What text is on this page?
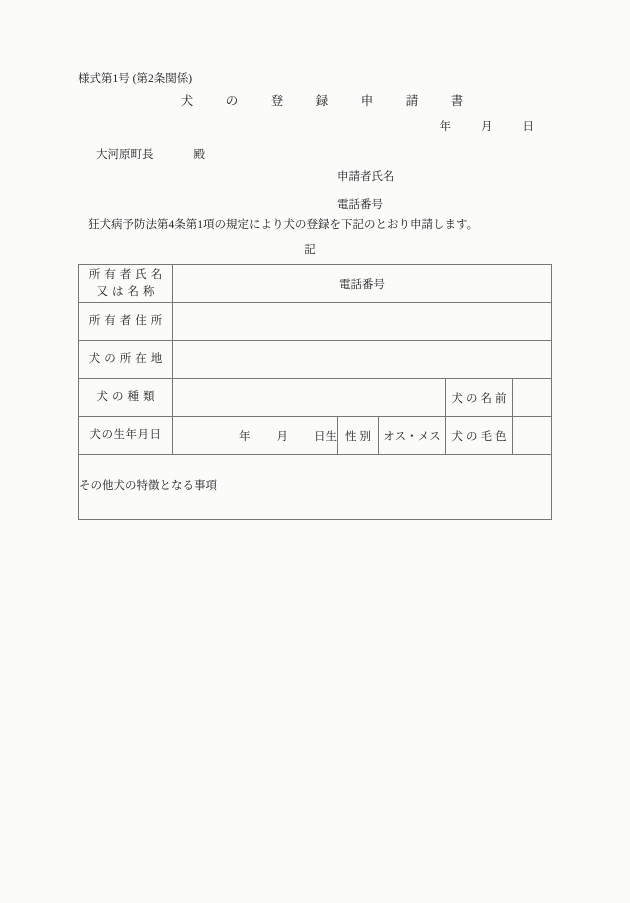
様式第1号 (第2条関係)
犬　の　登　録　申　請　書
年	月	日
大河原町長	殿
申請者氏名
電話番号
狂犬病予防法第4条第1項の規定により犬の登録を下記のとおり申請します。
記
所有者氏名
又は名称	電話番号				

所有者住所					

犬の所在地					

犬の種類				犬の名前	

犬の生年月日	年 月 日生	性別	オス・メス	犬の毛色	
その他犬の特徴となる事項					
